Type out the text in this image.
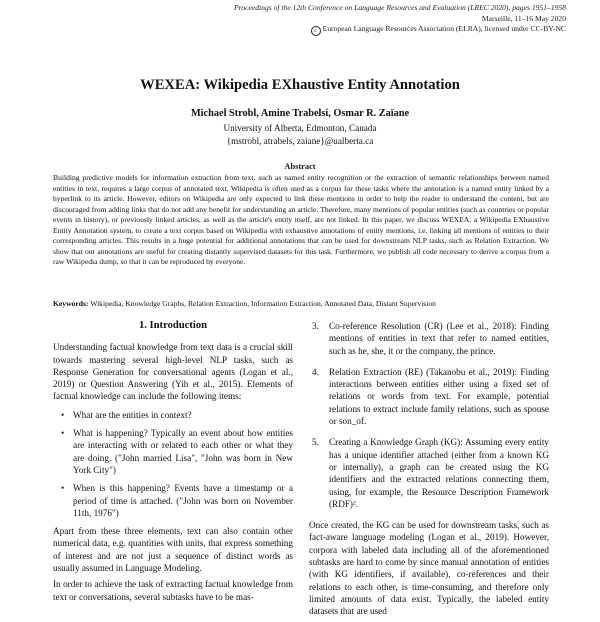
Proceedings of the 12th Conference on Language Resources and Evaluation (LREC 2020), pages 1951–1958
Marseille, 11–16 May 2020
c European Language Resources Association (ELRA), licensed under CC-BY-NC
WEXEA: Wikipedia EXhaustive Entity Annotation
Michael Strobl, Amine Trabelsi, Osmar R. Zaïane
University of Alberta, Edmonton, Canada
{mstrobl, atrabels, zaiane}@ualberta.ca
Abstract

Building predictive models for information extraction from text, such as named entity recognition or the extraction of semantic relationships between named entities in text, requires a large corpus of annotated text. Wikipedia is often used as a corpus for these tasks where the annotation is a named entity linked by a hyperlink to its article. However, editors on Wikipedia are only expected to link these mentions in order to help the reader to understand the content, but are discouraged from adding links that do not add any benefit for understanding an article. Therefore, many mentions of popular entities (such as countries or popular events in history), or previously linked articles, as well as the article's entity itself, are not linked. In this paper, we discuss WEXEA, a Wikipedia EXhaustive Entity Annotation system, to create a text corpus based on Wikipedia with exhaustive annotations of entity mentions, i.e. linking all mentions of entities to their corresponding articles. This results in a huge potential for additional annotations that can be used for downstream NLP tasks, such as Relation Extraction. We show that our annotations are useful for creating distantly supervised datasets for this task. Furthermore, we publish all code necessary to derive a corpus from a raw Wikipedia dump, so that it can be reproduced by everyone.

Keywords: Wikipedia, Knowledge Graphs, Relation Extraction, Information Extraction, Annotated Data, Distant Supervision
1. Introduction

Understanding factual knowledge from text data is a crucial skill towards mastering several high-level NLP tasks, such as Response Generation for conversational agents (Logan et al., 2019) or Question Answering (Yih et al., 2015). Elements of factual knowledge can include the following items:

• What are the entities in context?
• What is happening? Typically an event about how entities are interacting with or related to each other or what they are doing. ("John married Lisa", "John was born in New York City")
• When is this happening? Events have a timestamp or a period of time is attached. ("John was born on November 11th, 1976")

Apart from these three elements, text can also contain other numerical data, e.g. quantities with units, that express something of interest and are not just a sequence of distinct words as usually assumed in Language Modeling.

In order to achieve the task of extracting factual knowledge from text or conversations, several subtasks have to be mas-

3. Co-reference Resolution (CR) (Lee et al., 2018): Finding mentions of entities in text that refer to named entities, such as he, she, it or the company, the prince.
4. Relation Extraction (RE) (Takanobu et al., 2019): Finding interactions between entities either using a fixed set of relations or words from text. For example, potential relations to extract include family relations, such as spouse or son_of.
5. Creating a Knowledge Graph (KG): Assuming every entity has a unique identifier attached (either from a known KG or internally), a graph can be created using the KG identifiers and the extracted relations connecting them, using, for example, the Resource Description Framework (RDF)².

Once created, the KG can be used for downstream tasks, such as fact-aware language modeling (Logan et al., 2019). However, corpora with labeled data including all of the aforementioned subtasks are hard to come by since manual annotation of entities (with KG identifiers, if available), co-references and their relations to each other, is time-consuming, and therefore only limited amounts of data exist. Typically, the labeled entity datasets that are used
